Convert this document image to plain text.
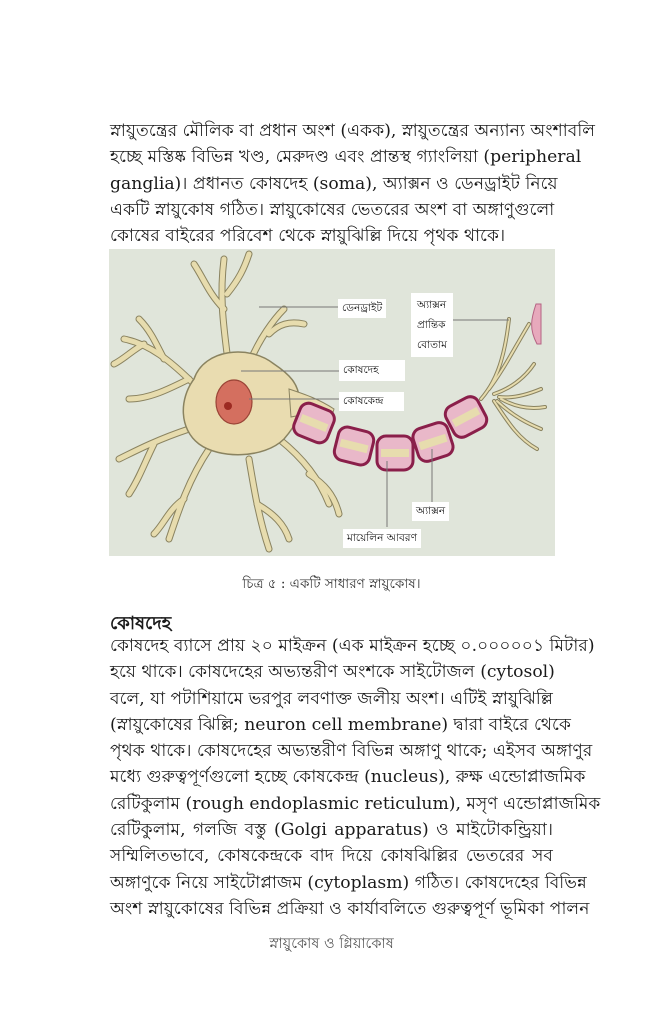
স্নায়ুতন্ত্রের মৌলিক বা প্রধান অংশ (একক), স্নায়ুতন্ত্রের অন্যান্য অংশাবলি
হচ্ছে মস্তিষ্ক বিভিন্ন খণ্ড, মেরুদণ্ড এবং প্রান্তস্থ গ্যাংলিয়া (peripheral
ganglia)। প্রধানত কোষদেহ (soma), অ্যাক্সন ও ডেনড্রাইট নিয়ে
একটি স্নায়ুকোষ গঠিত। স্নায়ুকোষের ভেতরের অংশ বা অঙ্গাণুগুলো
কোষের বাইরের পরিবেশ থেকে স্নায়ুঝিল্লি দিয়ে পৃথক থাকে।
ডেনড্রাইট	অ্যাক্সন
প্রান্তিক
বোতাম
কোষদেহ
কোষকেন্দ্র
অ্যাক্সন
মায়েলিন আবরণ
চিত্র ৫ : একটি সাধারণ স্নায়ুকোষ।
কোষদেহ
কোষদেহ ব্যাসে প্রায় ২০ মাইক্রন (এক মাইক্রন হচ্ছে ০.০০০০০১ মিটার)
হয়ে থাকে। কোষদেহের অভ্যন্তরীণ অংশকে সাইটোজল (cytosol)
বলে, যা পটাশিয়ামে ভরপুর লবণাক্ত জলীয় অংশ। এটিই স্নায়ুঝিল্লি
(স্নায়ুকোষের ঝিল্লি; neuron cell membrane) দ্বারা বাইরে থেকে
পৃথক থাকে। কোষদেহের অভ্যন্তরীণ বিভিন্ন অঙ্গাণু থাকে; এইসব অঙ্গাণুর
মধ্যে গুরুত্বপূর্ণগুলো হচ্ছে কোষকেন্দ্র (nucleus), রুক্ষ এন্ডোপ্লাজমিক
রেটিকুলাম (rough endoplasmic reticulum), মসৃণ এন্ডোপ্লাজমিক
রেটিকুলাম, গলজি বস্তু (Golgi apparatus) ও মাইটোকন্ড্রিয়া।
সম্মিলিতভাবে, কোষকেন্দ্রকে বাদ দিয়ে কোষঝিল্লির ভেতরের সব
অঙ্গাণুকে নিয়ে সাইটোপ্লাজম (cytoplasm) গঠিত। কোষদেহের বিভিন্ন
অংশ স্নায়ুকোষের বিভিন্ন প্রক্রিয়া ও কার্যাবলিতে গুরুত্বপূর্ণ ভূমিকা পালন
স্নায়ুকোষ ও গ্লিয়াকোষ
